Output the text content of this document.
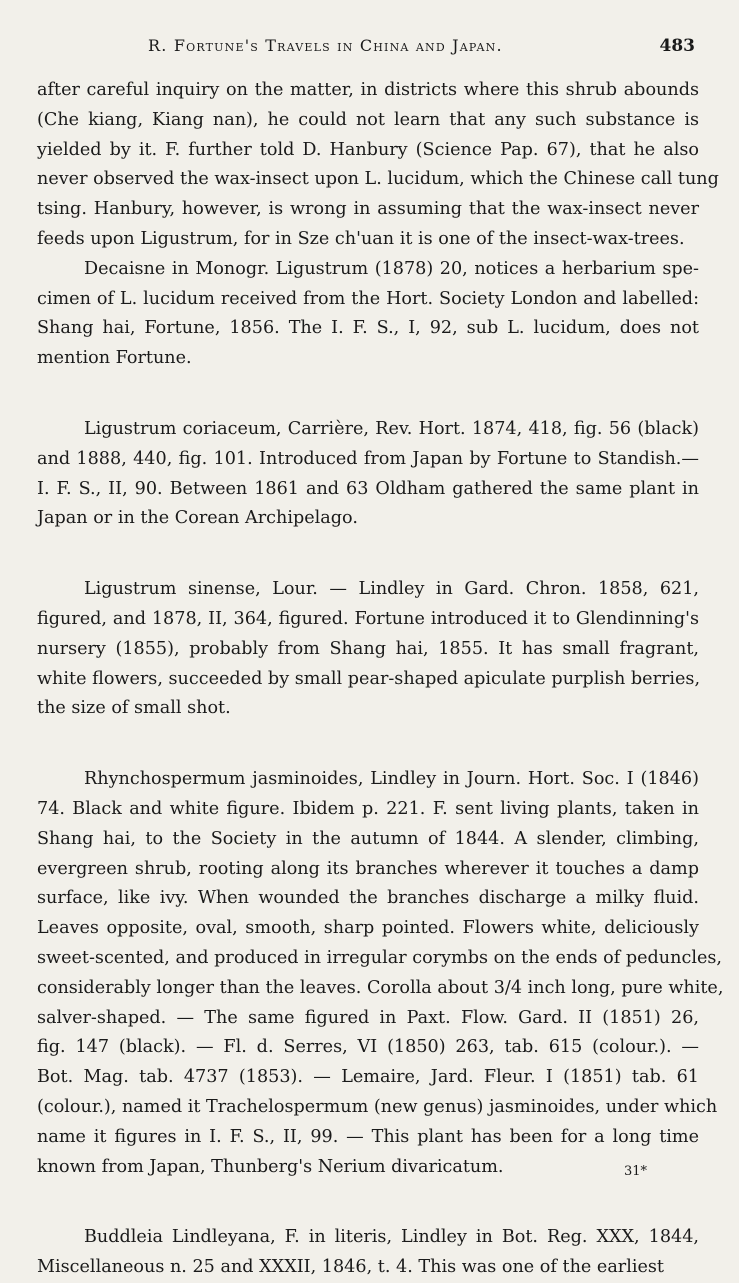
R. Fortune's Travels in China and Japan.	483
after careful inquiry on the matter, in districts where this shrub abounds
(Che kiang, Kiang nan), he could not learn that any such substance is
yielded by it. F. further told D. Hanbury (Science Pap. 67), that he also
never observed the wax-insect upon L. lucidum, which the Chinese call tung
tsing. Hanbury, however, is wrong in assuming that the wax-insect never
feeds upon Ligustrum, for in Sze ch'uan it is one of the insect-wax-trees.
Decaisne in Monogr. Ligustrum (1878) 20, notices a herbarium spe-
cimen of L. lucidum received from the Hort. Society London and labelled:
Shang hai, Fortune, 1856. The I. F. S., I, 92, sub L. lucidum, does not
mention Fortune.
Ligustrum coriaceum, Carrière, Rev. Hort. 1874, 418, fig. 56 (black)
and 1888, 440, fig. 101. Introduced from Japan by Fortune to Standish.—
I. F. S., II, 90. Between 1861 and 63 Oldham gathered the same plant in
Japan or in the Corean Archipelago.
Ligustrum sinense, Lour. — Lindley in Gard. Chron. 1858, 621,
figured, and 1878, II, 364, figured. Fortune introduced it to Glendinning's
nursery (1855), probably from Shang hai, 1855. It has small fragrant,
white flowers, succeeded by small pear-shaped apiculate purplish berries,
the size of small shot.
Rhynchospermum jasminoides, Lindley in Journ. Hort. Soc. I (1846)
74. Black and white figure. Ibidem p. 221. F. sent living plants, taken in
Shang hai, to the Society in the autumn of 1844. A slender, climbing,
evergreen shrub, rooting along its branches wherever it touches a damp
surface, like ivy. When wounded the branches discharge a milky fluid.
Leaves opposite, oval, smooth, sharp pointed. Flowers white, deliciously
sweet-scented, and produced in irregular corymbs on the ends of peduncles,
considerably longer than the leaves. Corolla about 3/4 inch long, pure white,
salver-shaped. — The same figured in Paxt. Flow. Gard. II (1851) 26,
fig. 147 (black). — Fl. d. Serres, VI (1850) 263, tab. 615 (colour.). —
Bot. Mag. tab. 4737 (1853). — Lemaire, Jard. Fleur. I (1851) tab. 61
(colour.), named it Trachelospermum (new genus) jasminoides, under which
name it figures in I. F. S., II, 99. — This plant has been for a long time
known from Japan, Thunberg's Nerium divaricatum.
Buddleia Lindleyana, F. in literis, Lindley in Bot. Reg. XXX, 1844,
Miscellaneous n. 25 and XXXII, 1846, t. 4. This was one of the earliest
31*
